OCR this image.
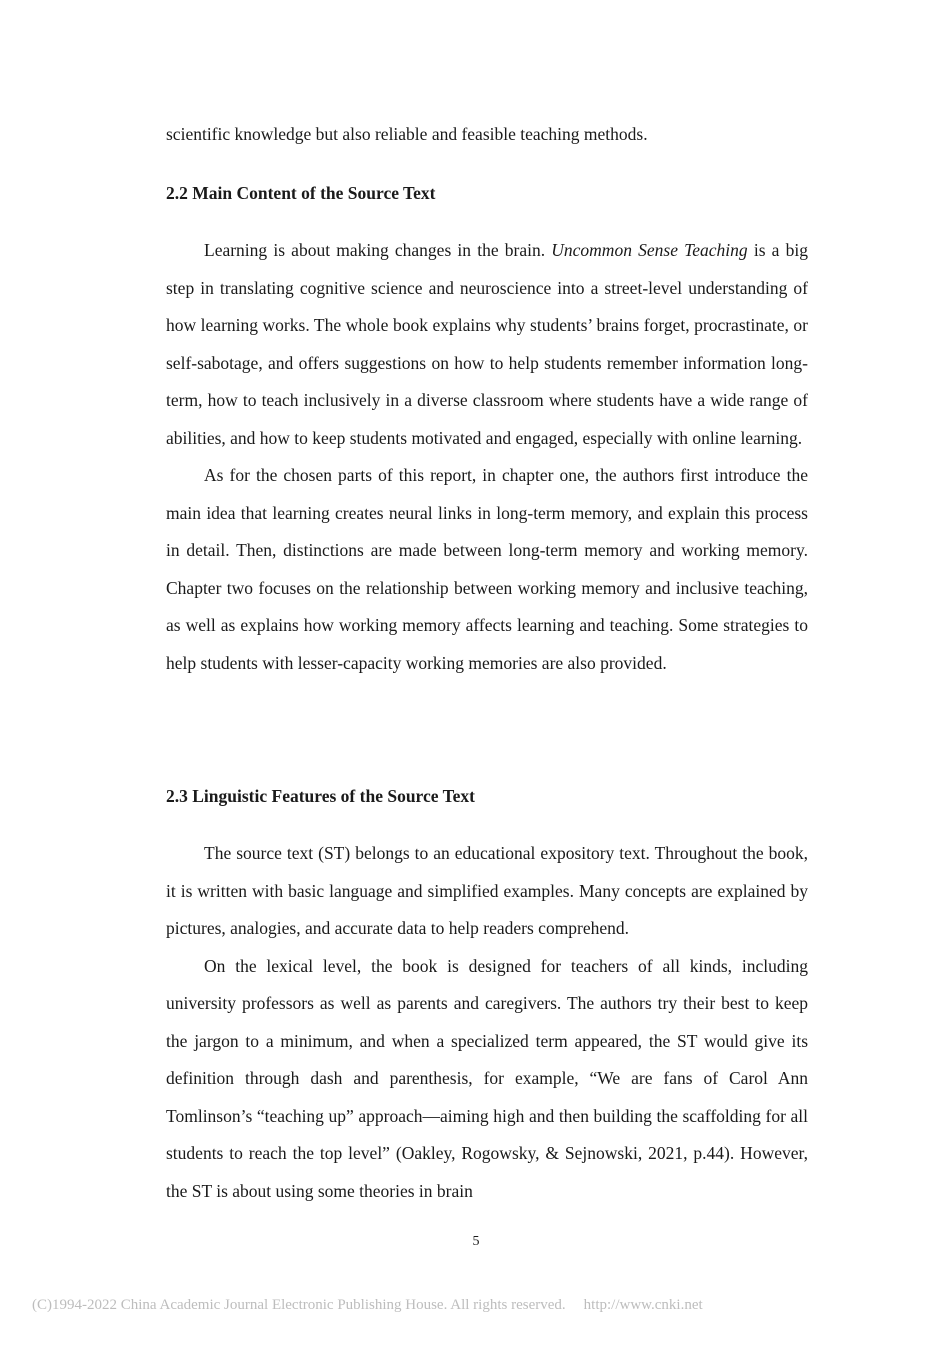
scientific knowledge but also reliable and feasible teaching methods.

2.2 Main Content of the Source Text

Learning is about making changes in the brain. Uncommon Sense Teaching is a big step in translating cognitive science and neuroscience into a street-level understanding of how learning works. The whole book explains why students’ brains forget, procrastinate, or self-sabotage, and offers suggestions on how to help students remember information long-term, how to teach inclusively in a diverse classroom where students have a wide range of abilities, and how to keep students motivated and engaged, especially with online learning.

As for the chosen parts of this report, in chapter one, the authors first introduce the main idea that learning creates neural links in long-term memory, and explain this process in detail. Then, distinctions are made between long-term memory and working memory. Chapter two focuses on the relationship between working memory and inclusive teaching, as well as explains how working memory affects learning and teaching. Some strategies to help students with lesser-capacity working memories are also provided.

2.3 Linguistic Features of the Source Text

The source text (ST) belongs to an educational expository text. Throughout the book, it is written with basic language and simplified examples. Many concepts are explained by pictures, analogies, and accurate data to help readers comprehend.

On the lexical level, the book is designed for teachers of all kinds, including university professors as well as parents and caregivers. The authors try their best to keep the jargon to a minimum, and when a specialized term appeared, the ST would give its definition through dash and parenthesis, for example, “We are fans of Carol Ann Tomlinson’s “teaching up” approach—aiming high and then building the scaffolding for all students to reach the top level” (Oakley, Rogowsky, & Sejnowski, 2021, p.44). However, the ST is about using some theories in brain

5
(C)1994-2022 China Academic Journal Electronic Publishing House. All rights reserved. http://www.cnki.net
